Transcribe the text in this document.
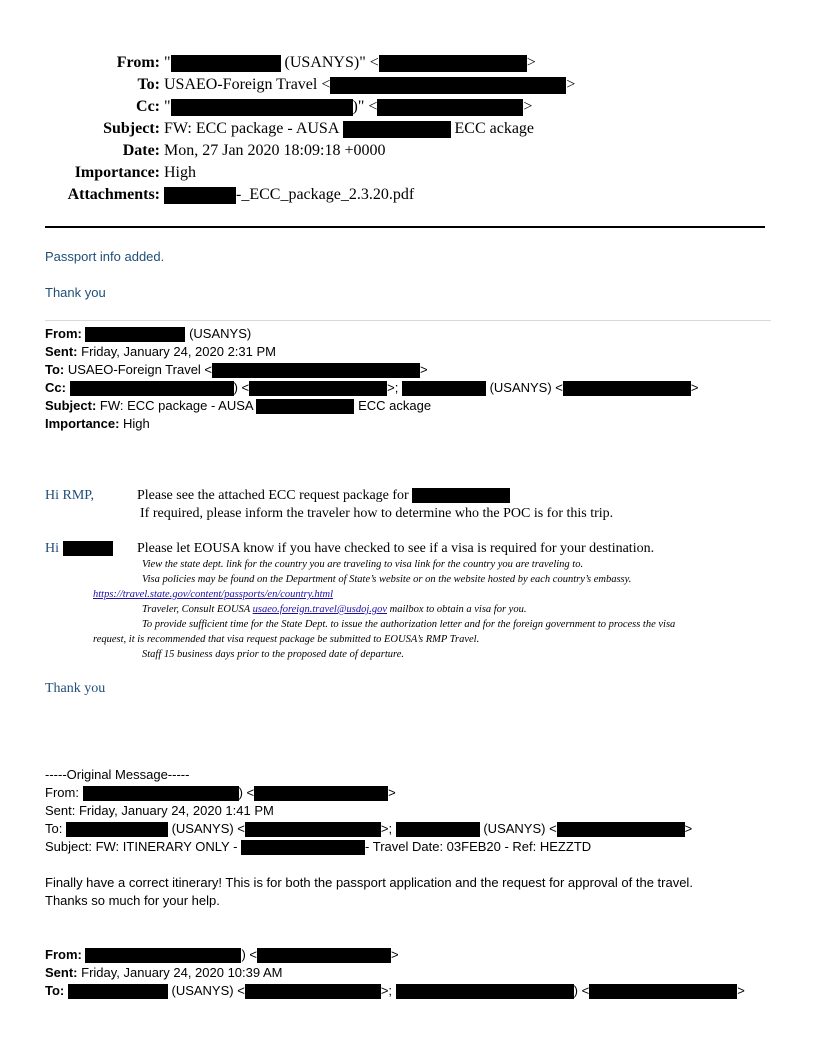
From: "	(USANYS)" <	>
To: USAEO-Foreign Travel <	>
Cc: "	)" <	>
Subject: FW: ECC package - AUSA	ECC ackage
Date: Mon, 27 Jan 2020 18:09:18 +0000
Importance: High
Attachments:	-_ECC_package_2.3.20.pdf
Passport info added.
Thank you
From:	(USANYS)
Sent: Friday, January 24, 2020 2:31 PM
To: USAEO-Foreign Travel <	>
Cc:	) <	>;	(USANYS) <	>
Subject: FW: ECC package - AUSA	ECC ackage
Importance: High
Hi RMP,	Please see the attached ECC request package for
If required, please inform the traveler how to determine who the POC is for this trip.
Hi	Please let EOUSA know if you have checked to see if a visa is required for your destination.
View the state dept. link for the country you are traveling to visa link for the country you are traveling to.
Visa policies may be found on the Department of State’s website or on the website hosted by each country’s embassy.
https://travel.state.gov/content/passports/en/country.html
Traveler, Consult EOUSA usaeo.foreign.travel@usdoj.gov mailbox to obtain a visa for you.
To provide sufficient time for the State Dept. to issue the authorization letter and for the foreign government to process the visa
request, it is recommended that visa request package be submitted to EOUSA’s RMP Travel.
Staff 15 business days prior to the proposed date of departure.
Thank you
-----Original Message-----
From:	) <	>
Sent: Friday, January 24, 2020 1:41 PM
To:	(USANYS) <	>;	(USANYS) <	>
Subject: FW: ITINERARY ONLY -	- Travel Date: 03FEB20 - Ref: HEZZTD
Finally have a correct itinerary! This is for both the passport application and the request for approval of the travel.
Thanks so much for your help.
From:	) <	>
Sent: Friday, January 24, 2020 10:39 AM
To:	(USANYS) <	>;	) <	>
